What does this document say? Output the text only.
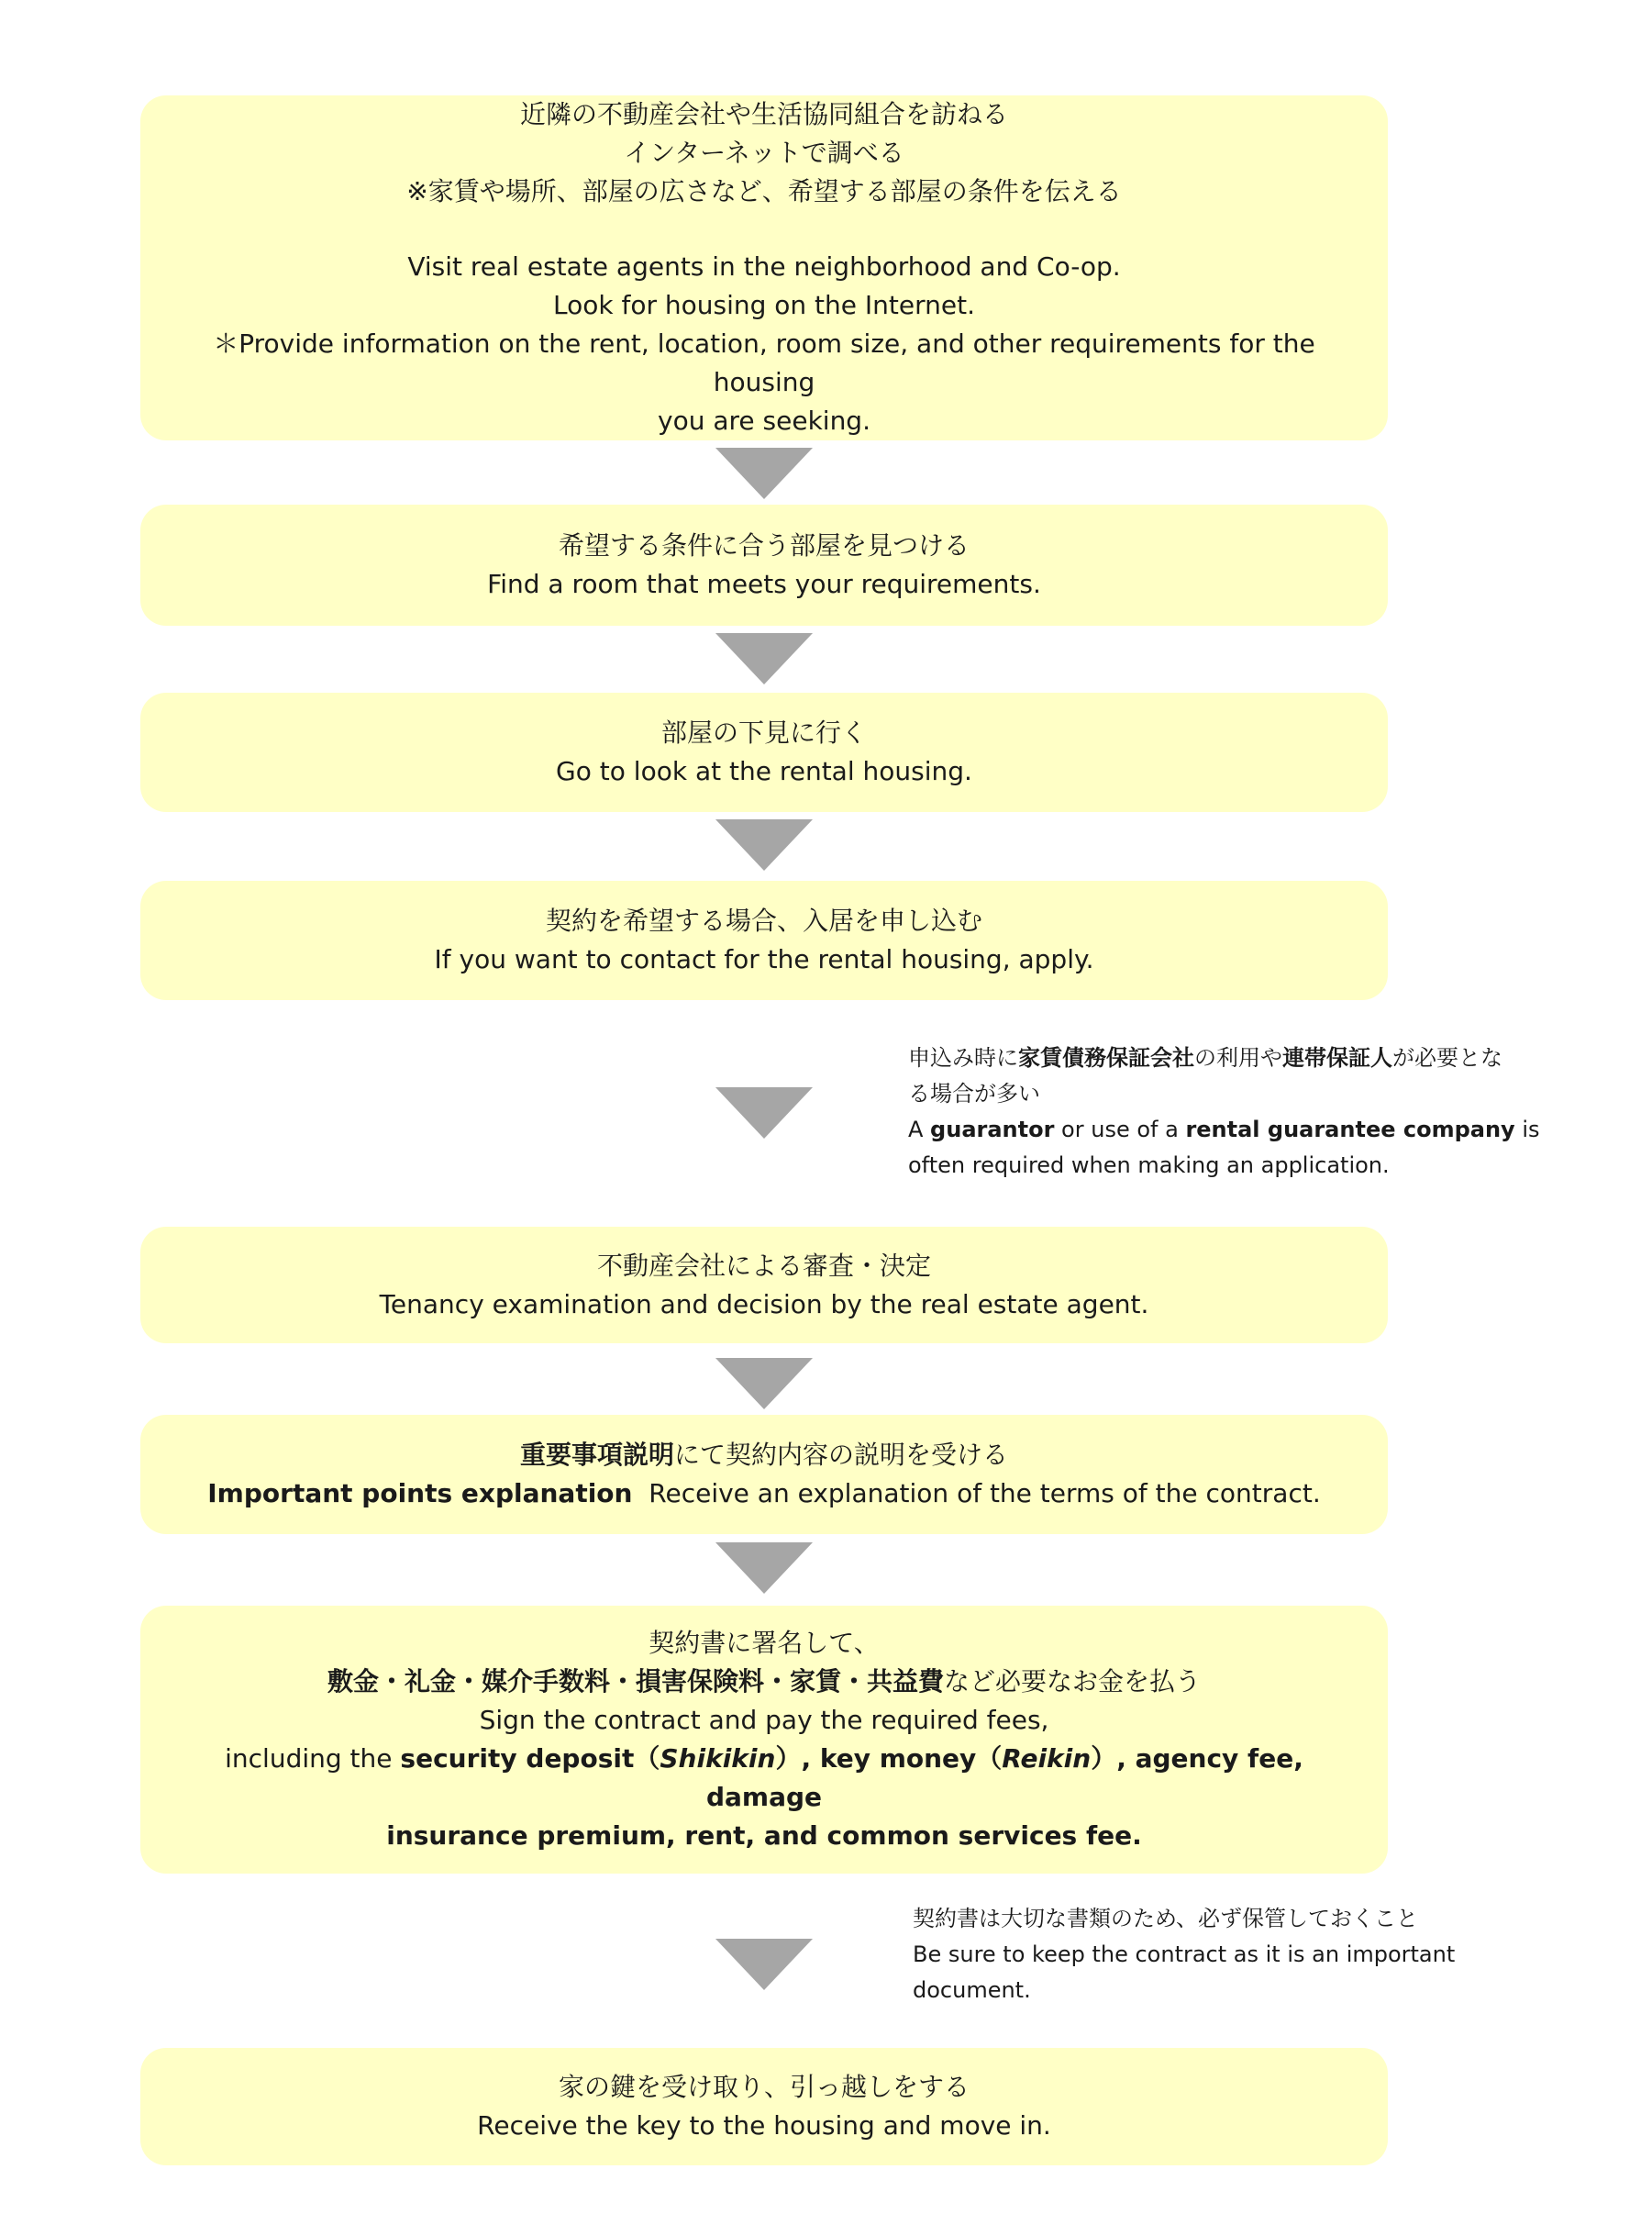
近隣の不動産会社や生活協同組合を訪ねる
インターネットで調べる
※家賃や場所、部屋の広さなど、希望する部屋の条件を伝える
Visit real estate agents in the neighborhood and Co-op.
Look for housing on the Internet.
＊Provide information on the rent, location, room size, and other requirements for the housing
you are seeking.
希望する条件に合う部屋を見つける
Find a room that meets your requirements.
部屋の下見に行く
Go to look at the rental housing.
契約を希望する場合、入居を申し込む
If you want to contact for the rental housing, apply.
申込み時に家賃債務保証会社の利用や連帯保証人が必要とな
る場合が多い
A guarantor or use of a rental guarantee company is
often required when making an application.
不動産会社による審査・決定
Tenancy examination and decision by the real estate agent.
重要事項説明にて契約内容の説明を受ける
Important points explanation Receive an explanation of the terms of the contract.
契約書に署名して、
敷金・礼金・媒介手数料・損害保険料・家賃・共益費など必要なお金を払う
Sign the contract and pay the required fees,
including the security deposit（Shikikin）, key money（Reikin）, agency fee, damage
insurance premium, rent, and common services fee.
契約書は大切な書類のため、必ず保管しておくこと
Be sure to keep the contract as it is an important
document.
家の鍵を受け取り、引っ越しをする
Receive the key to the housing and move in.
